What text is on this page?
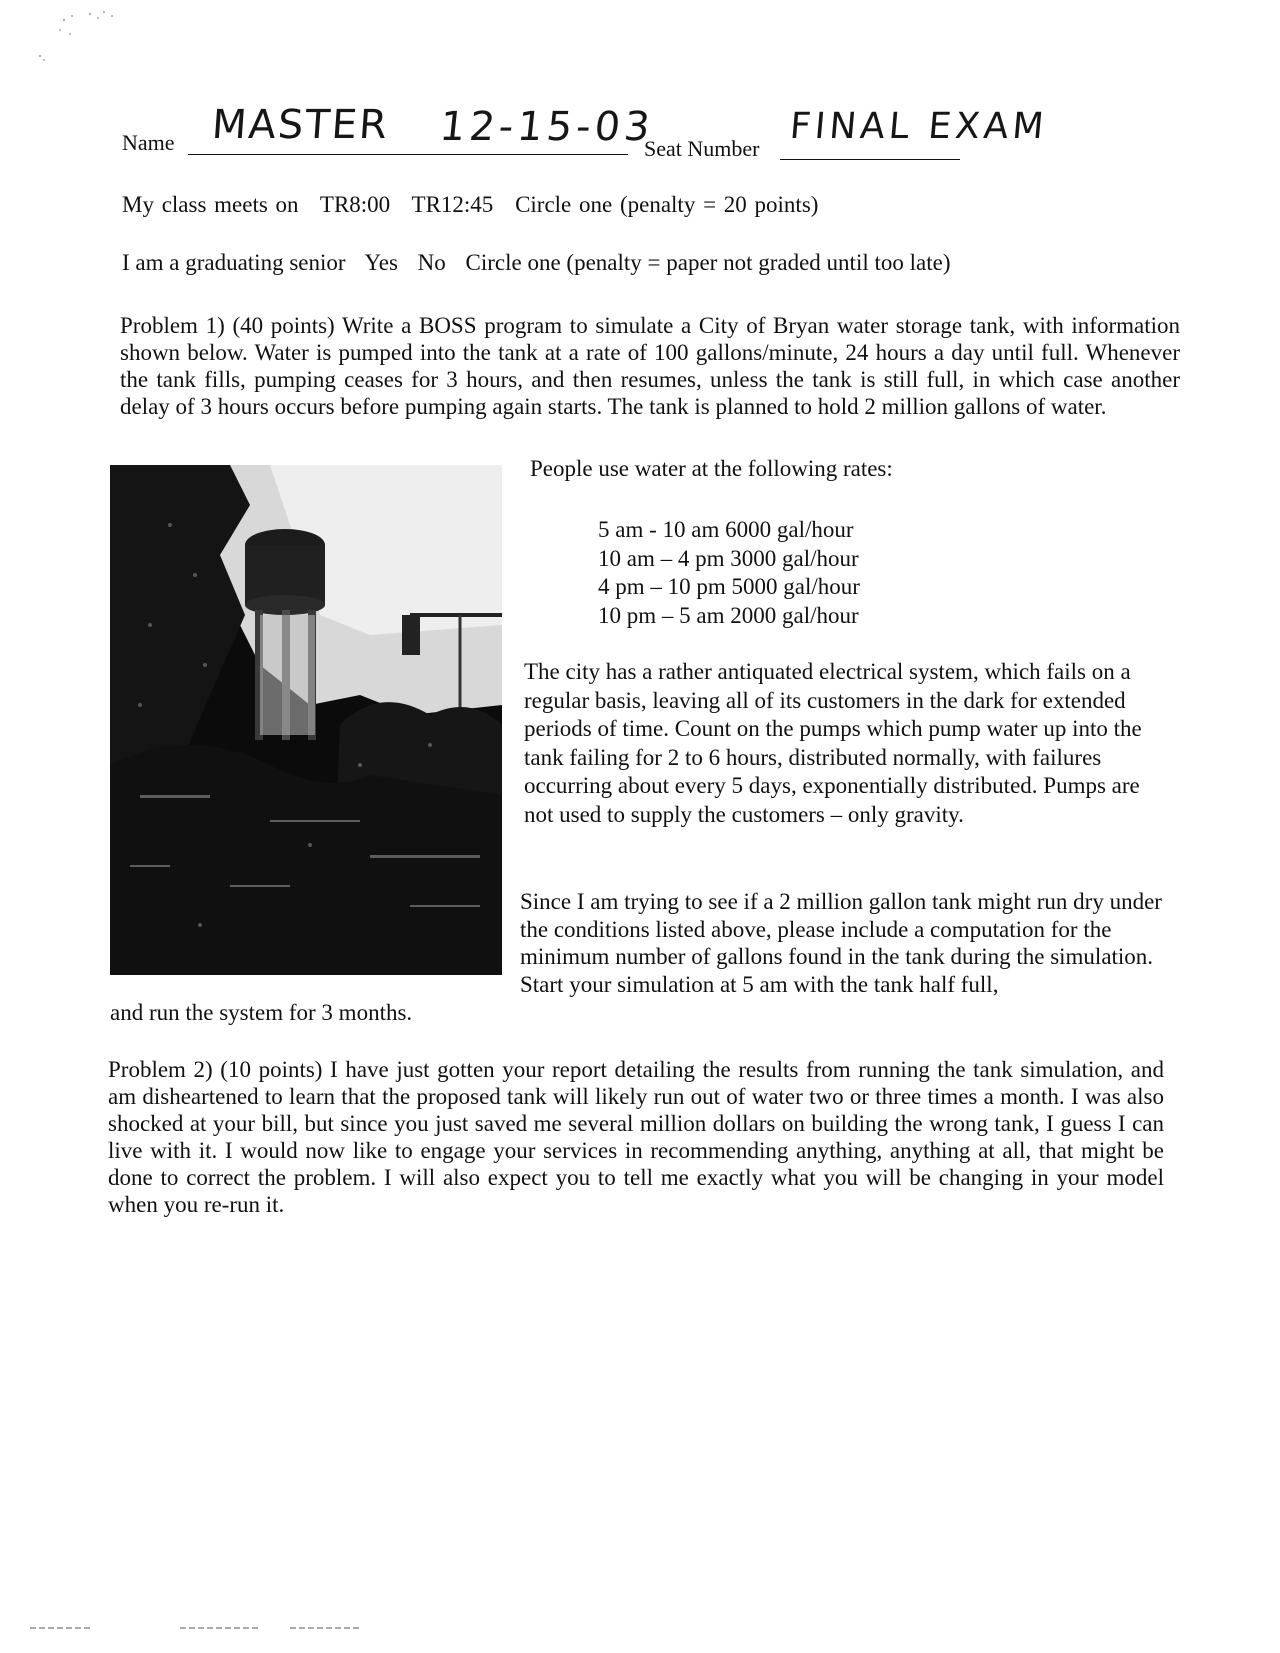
Name MASTER 12-15-03
Seat Number
FINAL EXAM
My class meets on TR8:00 TR12:45 Circle one (penalty = 20 points)
I am a graduating senior Yes No Circle one (penalty = paper not graded until too late)
Problem 1) (40 points) Write a BOSS program to simulate a City of Bryan water storage tank, with information shown below. Water is pumped into the tank at a rate of 100 gallons/minute, 24 hours a day until full. Whenever the tank fills, pumping ceases for 3 hours, and then resumes, unless the tank is still full, in which case another delay of 3 hours occurs before pumping again starts. The tank is planned to hold 2 million gallons of water.
People use water at the following rates:
5 am - 10 am 6000 gal/hour
10 am – 4 pm 3000 gal/hour
4 pm – 10 pm 5000 gal/hour
10 pm – 5 am 2000 gal/hour
The city has a rather antiquated electrical system, which fails on a regular basis, leaving all of its customers in the dark for extended periods of time. Count on the pumps which pump water up into the tank failing for 2 to 6 hours, distributed normally, with failures occurring about every 5 days, exponentially distributed. Pumps are not used to supply the customers – only gravity.
Since I am trying to see if a 2 million gallon tank might run dry under the conditions listed above, please include a computation for the minimum number of gallons found in the tank during the simulation. Start your simulation at 5 am with the tank half full,
and run the system for 3 months.
Problem 2) (10 points) I have just gotten your report detailing the results from running the tank simulation, and am disheartened to learn that the proposed tank will likely run out of water two or three times a month. I was also shocked at your bill, but since you just saved me several million dollars on building the wrong tank, I guess I can live with it. I would now like to engage your services in recommending anything, anything at all, that might be done to correct the problem. I will also expect you to tell me exactly what you will be changing in your model when you re-run it.
